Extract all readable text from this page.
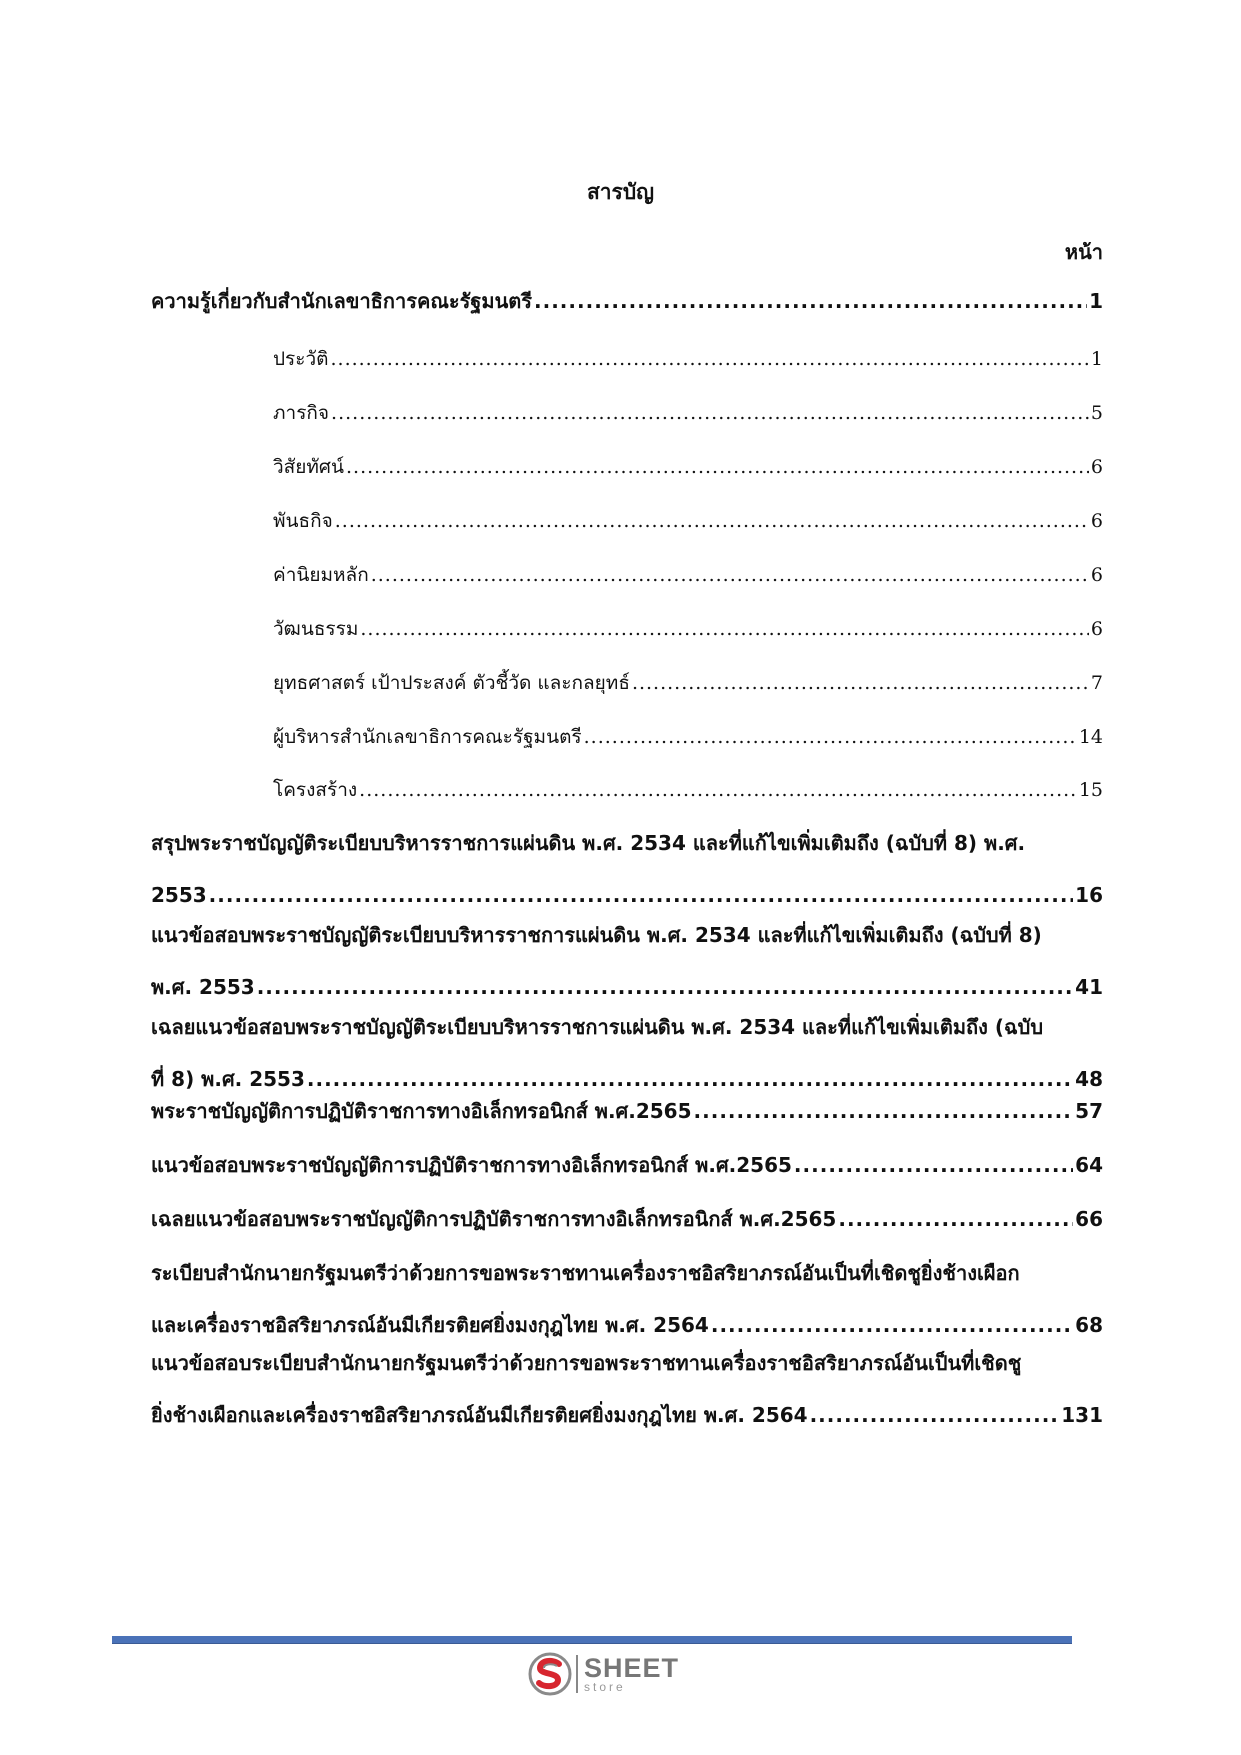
สารบัญ
หน้า
ความรู้เกี่ยวกับสำนักเลขาธิการคณะรัฐมนตรี .....	1
ประวัติ .....	1
ภารกิจ .....	5
วิสัยทัศน์ .....	6
พันธกิจ .....	6
ค่านิยมหลัก .....	6
วัฒนธรรม .....	6
ยุทธศาสตร์ เป้าประสงค์ ตัวชี้วัด และกลยุทธ์ .....	7
ผู้บริหารสำนักเลขาธิการคณะรัฐมนตรี .....	14
โครงสร้าง .....	15
สรุปพระราชบัญญัติระเบียบบริหารราชการแผ่นดิน พ.ศ. 2534 และที่แก้ไขเพิ่มเติมถึง (ฉบับที่ 8) พ.ศ.
2553 .....	16
แนวข้อสอบพระราชบัญญัติระเบียบบริหารราชการแผ่นดิน พ.ศ. 2534 และที่แก้ไขเพิ่มเติมถึง (ฉบับที่ 8)
พ.ศ. 2553 .....	41
เฉลยแนวข้อสอบพระราชบัญญัติระเบียบบริหารราชการแผ่นดิน พ.ศ. 2534 และที่แก้ไขเพิ่มเติมถึง (ฉบับ
ที่ 8) พ.ศ. 2553 .....	48
พระราชบัญญัติการปฏิบัติราชการทางอิเล็กทรอนิกส์ พ.ศ.2565 .....	57
แนวข้อสอบพระราชบัญญัติการปฏิบัติราชการทางอิเล็กทรอนิกส์ พ.ศ.2565 .....	64
เฉลยแนวข้อสอบพระราชบัญญัติการปฏิบัติราชการทางอิเล็กทรอนิกส์ พ.ศ.2565 .....	66
ระเบียบสำนักนายกรัฐมนตรีว่าด้วยการขอพระราชทานเครื่องราชอิสริยาภรณ์อันเป็นที่เชิดชูยิ่งช้างเผือก
และเครื่องราชอิสริยาภรณ์อันมีเกียรติยศยิ่งมงกุฎไทย พ.ศ. 2564 .....	68
แนวข้อสอบระเบียบสำนักนายกรัฐมนตรีว่าด้วยการขอพระราชทานเครื่องราชอิสริยาภรณ์อันเป็นที่เชิดชู
ยิ่งช้างเผือกและเครื่องราชอิสริยาภรณ์อันมีเกียรติยศยิ่งมงกุฎไทย พ.ศ. 2564 .....	131
SHEET
store
